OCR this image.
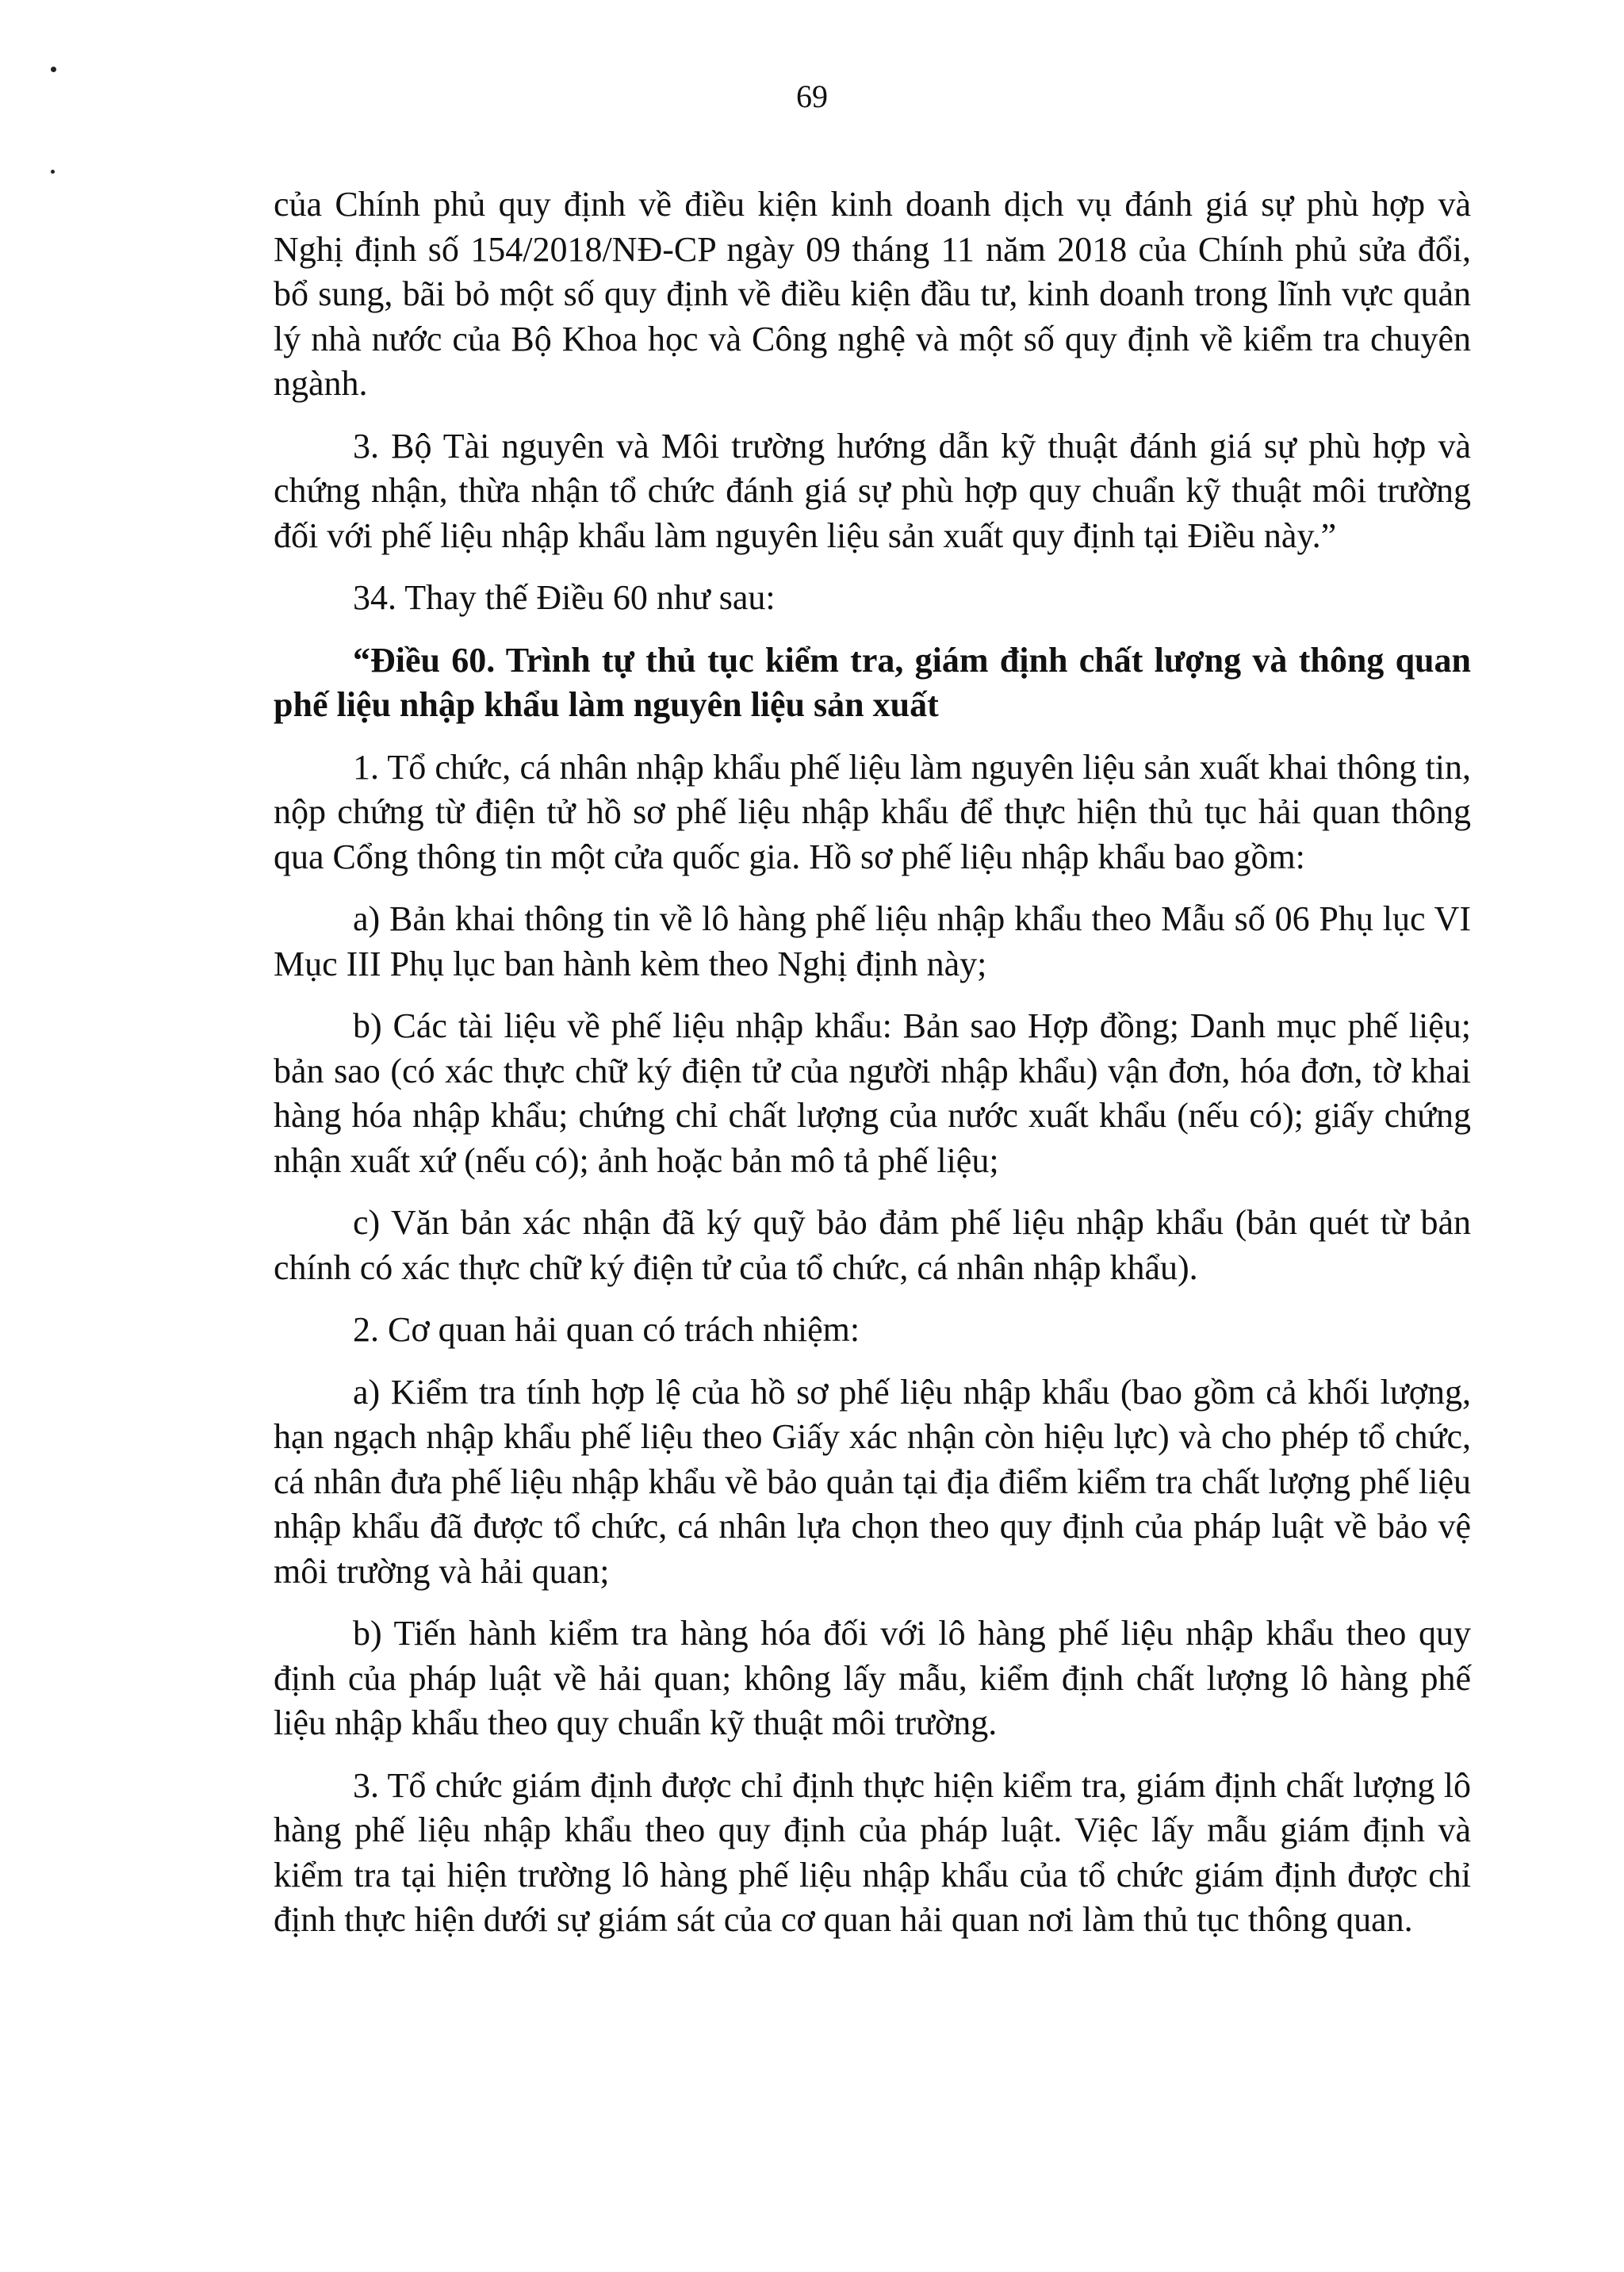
69

của Chính phủ quy định về điều kiện kinh doanh dịch vụ đánh giá sự phù hợp và Nghị định số 154/2018/NĐ-CP ngày 09 tháng 11 năm 2018 của Chính phủ sửa đổi, bổ sung, bãi bỏ một số quy định về điều kiện đầu tư, kinh doanh trong lĩnh vực quản lý nhà nước của Bộ Khoa học và Công nghệ và một số quy định về kiểm tra chuyên ngành.

3. Bộ Tài nguyên và Môi trường hướng dẫn kỹ thuật đánh giá sự phù hợp và chứng nhận, thừa nhận tổ chức đánh giá sự phù hợp quy chuẩn kỹ thuật môi trường đối với phế liệu nhập khẩu làm nguyên liệu sản xuất quy định tại Điều này.”

34. Thay thế Điều 60 như sau:

“Điều 60. Trình tự thủ tục kiểm tra, giám định chất lượng và thông quan phế liệu nhập khẩu làm nguyên liệu sản xuất

1. Tổ chức, cá nhân nhập khẩu phế liệu làm nguyên liệu sản xuất khai thông tin, nộp chứng từ điện tử hồ sơ phế liệu nhập khẩu để thực hiện thủ tục hải quan thông qua Cổng thông tin một cửa quốc gia. Hồ sơ phế liệu nhập khẩu bao gồm:

a) Bản khai thông tin về lô hàng phế liệu nhập khẩu theo Mẫu số 06 Phụ lục VI Mục III Phụ lục ban hành kèm theo Nghị định này;

b) Các tài liệu về phế liệu nhập khẩu: Bản sao Hợp đồng; Danh mục phế liệu; bản sao (có xác thực chữ ký điện tử của người nhập khẩu) vận đơn, hóa đơn, tờ khai hàng hóa nhập khẩu; chứng chỉ chất lượng của nước xuất khẩu (nếu có); giấy chứng nhận xuất xứ (nếu có); ảnh hoặc bản mô tả phế liệu;

c) Văn bản xác nhận đã ký quỹ bảo đảm phế liệu nhập khẩu (bản quét từ bản chính có xác thực chữ ký điện tử của tổ chức, cá nhân nhập khẩu).

2. Cơ quan hải quan có trách nhiệm:

a) Kiểm tra tính hợp lệ của hồ sơ phế liệu nhập khẩu (bao gồm cả khối lượng, hạn ngạch nhập khẩu phế liệu theo Giấy xác nhận còn hiệu lực) và cho phép tổ chức, cá nhân đưa phế liệu nhập khẩu về bảo quản tại địa điểm kiểm tra chất lượng phế liệu nhập khẩu đã được tổ chức, cá nhân lựa chọn theo quy định của pháp luật về bảo vệ môi trường và hải quan;

b) Tiến hành kiểm tra hàng hóa đối với lô hàng phế liệu nhập khẩu theo quy định của pháp luật về hải quan; không lấy mẫu, kiểm định chất lượng lô hàng phế liệu nhập khẩu theo quy chuẩn kỹ thuật môi trường.

3. Tổ chức giám định được chỉ định thực hiện kiểm tra, giám định chất lượng lô hàng phế liệu nhập khẩu theo quy định của pháp luật. Việc lấy mẫu giám định và kiểm tra tại hiện trường lô hàng phế liệu nhập khẩu của tổ chức giám định được chỉ định thực hiện dưới sự giám sát của cơ quan hải quan nơi làm thủ tục thông quan.
